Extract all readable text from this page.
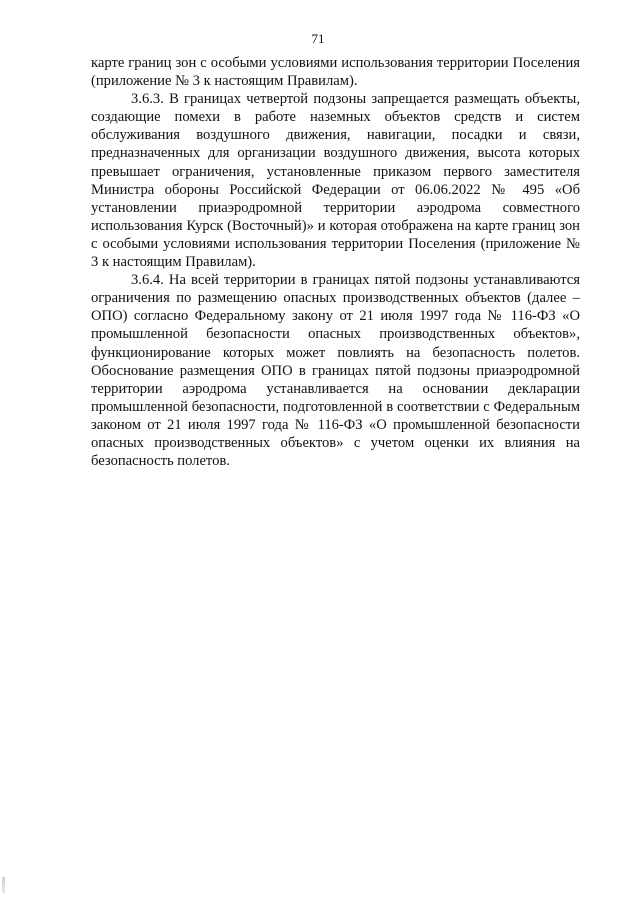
71

карте границ зон с особыми условиями использования территории Поселения (приложение № 3 к настоящим Правилам).

3.6.3. В границах четвертой подзоны запрещается размещать объекты, создающие помехи в работе наземных объектов средств и систем обслуживания воздушного движения, навигации, посадки и связи, предназначенных для организации воздушного движения, высота которых превышает ограничения, установленные приказом первого заместителя Министра обороны Российской Федерации от 06.06.2022 № 495 «Об установлении приаэродромной территории аэродрома совместного использования Курск (Восточный)» и которая отображена на карте границ зон с особыми условиями использования территории Поселения (приложение № 3 к настоящим Правилам).

3.6.4. На всей территории в границах пятой подзоны устанавливаются ограничения по размещению опасных производственных объектов (далее – ОПО) согласно Федеральному закону от 21 июля 1997 года № 116-ФЗ «О промышленной безопасности опасных производственных объектов», функционирование которых может повлиять на безопасность полетов. Обоснование размещения ОПО в границах пятой подзоны приаэродромной территории аэродрома устанавливается на основании декларации промышленной безопасности, подготовленной в соответствии с Федеральным законом от 21 июля 1997 года № 116-ФЗ «О промышленной безопасности опасных производственных объектов» с учетом оценки их влияния на безопасность полетов.
